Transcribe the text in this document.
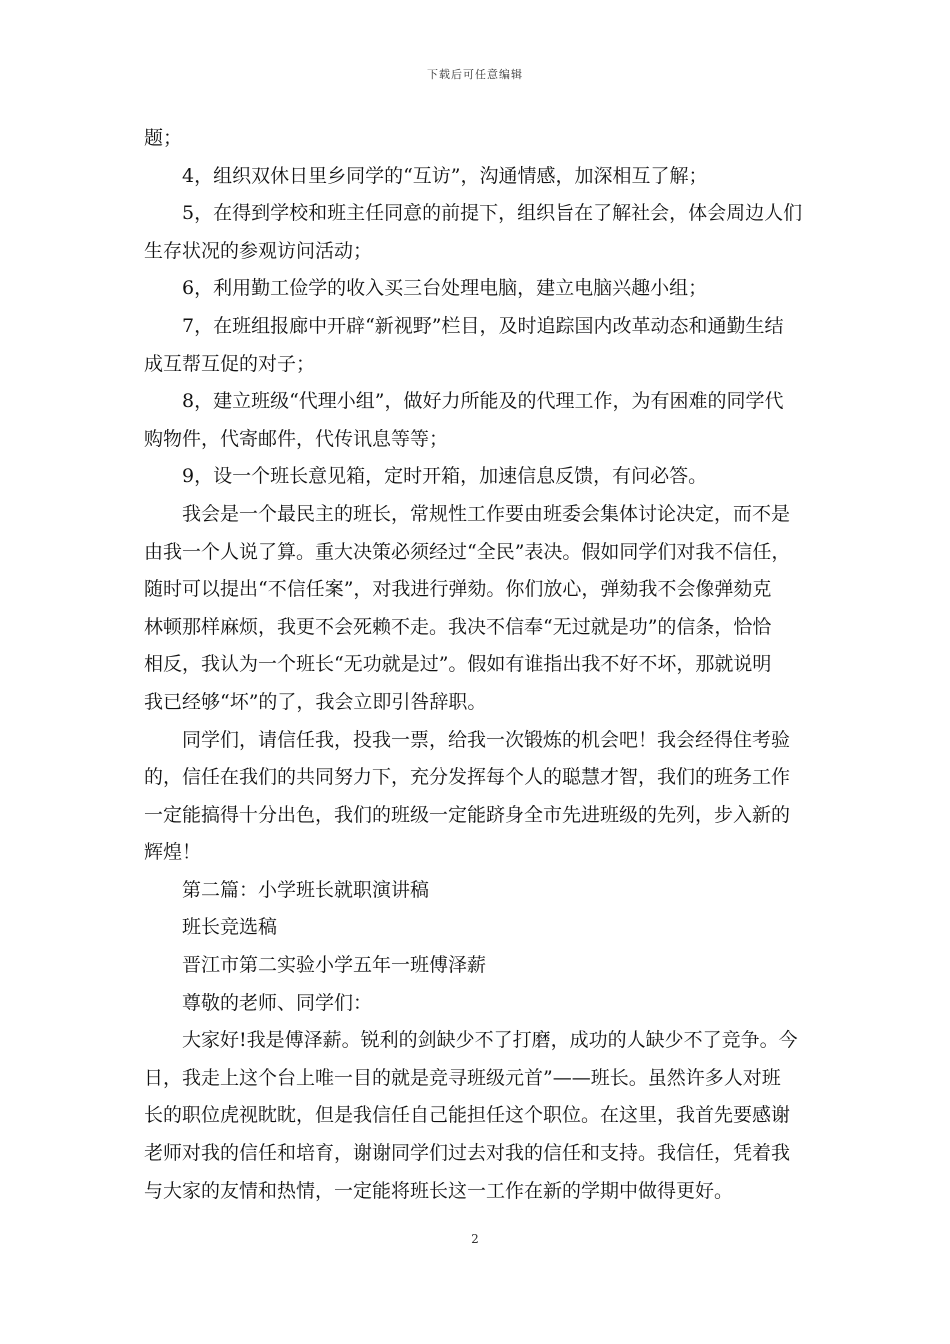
下载后可任意编辑
题；
4，组织双休日里乡同学的“互访”，沟通情感，加深相互了解；
5，在得到学校和班主任同意的前提下，组织旨在了解社会，体会周边人们
生存状况的参观访问活动；
6，利用勤工俭学的收入买三台处理电脑，建立电脑兴趣小组；
7，在班组报廊中开辟“新视野”栏目，及时追踪国内改革动态和通勤生结
成互帮互促的对子；
8，建立班级“代理小组”，做好力所能及的代理工作，为有困难的同学代
购物件，代寄邮件，代传讯息等等；
9，设一个班长意见箱，定时开箱，加速信息反馈，有问必答。
我会是一个最民主的班长，常规性工作要由班委会集体讨论决定，而不是
由我一个人说了算。重大决策必须经过“全民”表决。假如同学们对我不信任，
随时可以提出“不信任案”，对我进行弹劾。你们放心，弹劾我不会像弹劾克
林顿那样麻烦，我更不会死赖不走。我决不信奉“无过就是功”的信条，恰恰
相反，我认为一个班长“无功就是过”。假如有谁指出我不好不坏，那就说明
我已经够“坏”的了，我会立即引咎辞职。
同学们，请信任我，投我一票，给我一次锻炼的机会吧！我会经得住考验
的，信任在我们的共同努力下，充分发挥每个人的聪慧才智，我们的班务工作
一定能搞得十分出色，我们的班级一定能跻身全市先进班级的先列，步入新的
辉煌！
第二篇：小学班长就职演讲稿
班长竞选稿
晋江市第二实验小学五年一班傅泽薪
尊敬的老师、同学们：
大家好!我是傅泽薪。锐利的剑缺少不了打磨，成功的人缺少不了竞争。今
日，我走上这个台上唯一目的就是竞寻班级元首”——班长。虽然许多人对班
长的职位虎视眈眈，但是我信任自己能担任这个职位。在这里，我首先要感谢
老师对我的信任和培育，谢谢同学们过去对我的信任和支持。我信任，凭着我
与大家的友情和热情，一定能将班长这一工作在新的学期中做得更好。
2
